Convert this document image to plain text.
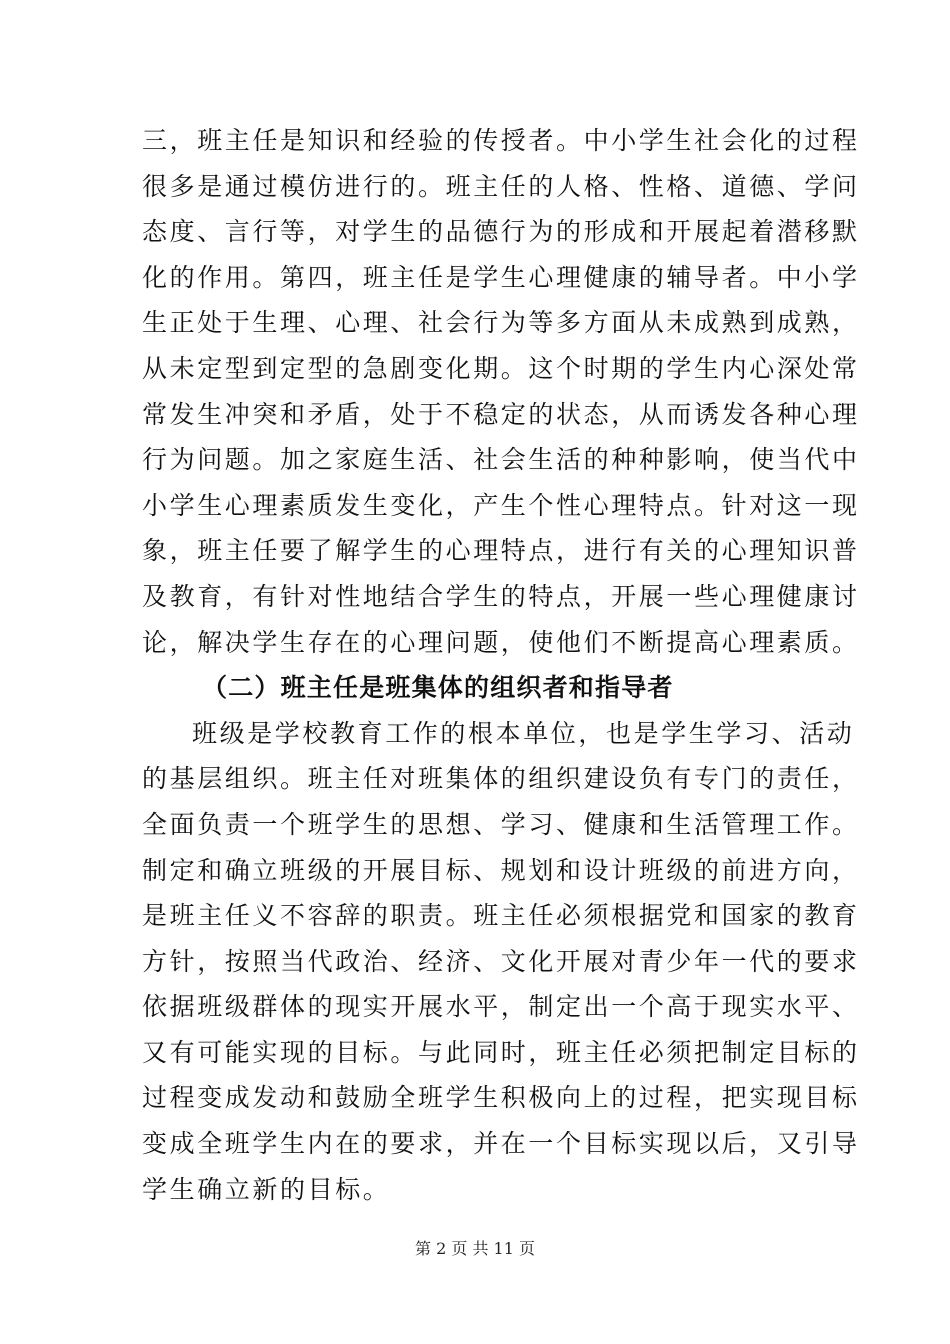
三，班主任是知识和经验的传授者。中小学生社会化的过程
很多是通过模仿进行的。班主任的人格、性格、道德、学问
态度、言行等，对学生的品德行为的形成和开展起着潜移默
化的作用。第四，班主任是学生心理健康的辅导者。中小学
生正处于生理、心理、社会行为等多方面从未成熟到成熟，
从未定型到定型的急剧变化期。这个时期的学生内心深处常
常发生冲突和矛盾，处于不稳定的状态，从而诱发各种心理
行为问题。加之家庭生活、社会生活的种种影响，使当代中
小学生心理素质发生变化，产生个性心理特点。针对这一现
象，班主任要了解学生的心理特点，进行有关的心理知识普
及教育，有针对性地结合学生的特点，开展一些心理健康讨
论，解决学生存在的心理问题，使他们不断提高心理素质。
（二）班主任是班集体的组织者和指导者
班级是学校教育工作的根本单位，也是学生学习、活动
的基层组织。班主任对班集体的组织建设负有专门的责任，
全面负责一个班学生的思想、学习、健康和生活管理工作。
制定和确立班级的开展目标、规划和设计班级的前进方向，
是班主任义不容辞的职责。班主任必须根据党和国家的教育
方针，按照当代政治、经济、文化开展对青少年一代的要求
依据班级群体的现实开展水平，制定出一个高于现实水平、
又有可能实现的目标。与此同时，班主任必须把制定目标的
过程变成发动和鼓励全班学生积极向上的过程，把实现目标
变成全班学生内在的要求，并在一个目标实现以后，又引导
学生确立新的目标。
第 2 页 共 11 页
